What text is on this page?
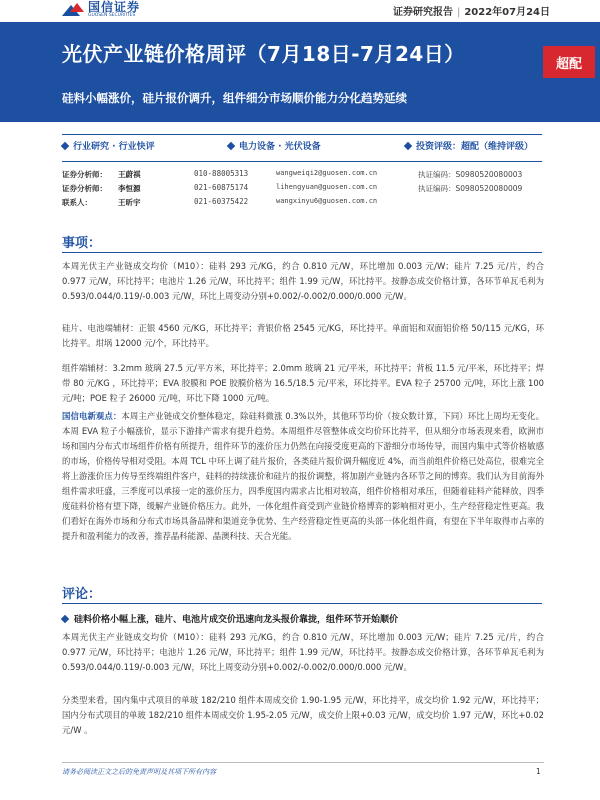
国信证券
GUOSEN SECURITIES	证券研究报告 | 2022年07月24日
光伏产业链价格周评（7月18日-7月24日）
硅料小幅涨价，硅片报价调升，组件细分市场顺价能力分化趋势延续
超配
行业研究 · 行业快评	电力设备 · 光伏设备	投资评级：超配（维持评级）
证券分析师： 王蔚祺	010-88005313	wangweiqi2@guosen.com.cn	执证编码：S0980520080003
证券分析师： 李恒源	021-60875174	lihengyuan@guosen.com.cn	执证编码：S0980520080009
联系人：	王昕宇	021-60375422	wangxinyu6@guosen.com.cn
事项：
本周光伏主产业链成交均价（M10）：硅料 293 元/KG，约合 0.810 元/W，环比增加 0.003 元/W；硅片 7.25 元/片，约合 0.977 元/W，环比持平；电池片 1.26 元/W，环比持平；组件 1.99 元/W，环比持平。按静态成交价格计算，各环节单瓦毛利为 0.593/0.044/0.119/-0.003 元/W，环比上周变动分别+0.002/-0.002/0.000/0.000 元/W。
硅片、电池端辅材：正银 4560 元/KG，环比持平；背银价格 2545 元/KG，环比持平。单面铝和双面铝价格 50/115 元/KG，环比持平。坩埚 12000 元/个，环比持平。
组件端辅材：3.2mm 玻璃 27.5 元/平方米，环比持平；2.0mm 玻璃 21 元/平米，环比持平；背板 11.5 元/平米，环比持平；焊带 80 元/KG ，环比持平；EVA 胶膜和 POE 胶膜价格为 16.5/18.5 元/平米，环比持平。EVA 粒子 25700 元/吨，环比上涨 100 元/吨；POE 粒子 26000 元/吨，环比下降 1000 元/吨。
国信电新观点：本周主产业链成交价整体稳定，除硅料微涨 0.3%以外，其他环节均价（按众数计算，下同）环比上周均无变化。本周 EVA 粒子小幅涨价，显示下游排产需求有提升趋势。本周组件尽管整体成交均价环比持平，但从细分市场表现来看，欧洲市场和国内分布式市场组件价格有所提升，组件环节的涨价压力仍然在向接受度更高的下游细分市场传导，而国内集中式等价格敏感的市场，价格传导相对受阻。本周 TCL 中环上调了硅片报价，各类硅片报价调升幅度近 4%，而当前组件价格已处高位，很难完全将上游涨价压力传导至终端组件客户，硅料的持续涨价和硅片的报价调整，将加剧产业链内各环节之间的博弈。我们认为目前海外组件需求旺盛，三季度可以承接一定的涨价压力，四季度国内需求占比相对较高，组件价格相对承压，但随着硅料产能释放，四季度硅料价格有望下降，缓解产业链价格压力。此外，一体化组件商受到产业链价格博弈的影响相对更小，生产经营稳定性更高。我们看好在海外市场和分布式市场具备品牌和渠道竞争优势、生产经营稳定性更高的头部一体化组件商，有望在下半年取得市占率的提升和盈利能力的改善，推荐晶科能源、晶澳科技、天合光能。
评论：
硅料价格小幅上涨，硅片、电池片成交价迅速向龙头报价靠拢，组件环节开始顺价
本周光伏主产业链成交均价（M10）：硅料 293 元/KG，约合 0.810 元/W，环比增加 0.003 元/W；硅片 7.25 元/片，约合 0.977 元/W，环比持平；电池片 1.26 元/W，环比持平；组件 1.99 元/W，环比持平。按静态成交价格计算，各环节单瓦毛利为 0.593/0.044/0.119/-0.003 元/W，环比上周变动分别+0.002/-0.002/0.000/0.000 元/W。
分类型来看，国内集中式项目的单玻 182/210 组件本周成交价 1.90-1.95 元/W，环比持平，成交均价 1.92 元/W，环比持平；国内分布式项目的单玻 182/210 组件本周成交价 1.95-2.05 元/W，成交价上限+0.03 元/W，成交均价 1.97 元/W，环比+0.02 元/W 。
请务必阅读正文之后的免责声明及其项下所有内容	1
